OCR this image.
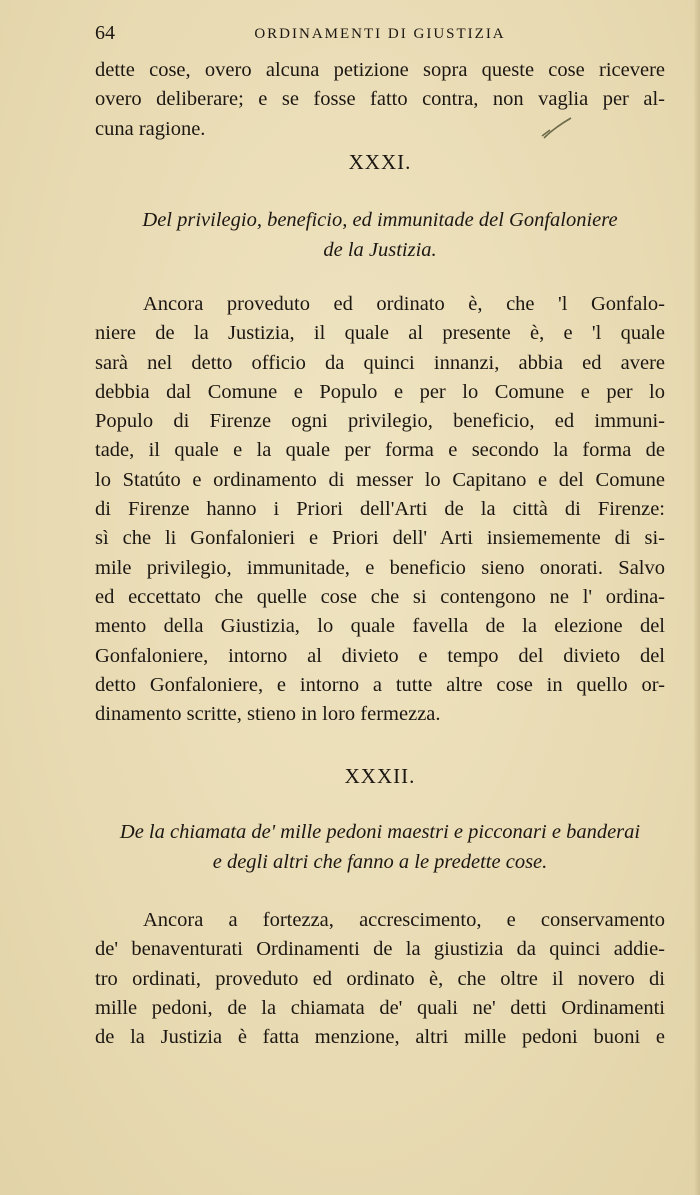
64	ORDINAMENTI DI GIUSTIZIA
dette cose, overo alcuna petizione sopra queste cose ricevere
overo deliberare; e se fosse fatto contra, non vaglia per al-
cuna ragione.
XXXI.
Del privilegio, beneficio, ed immunitade del Gonfaloniere
de la Justizia.
Ancora proveduto ed ordinato è, che 'l Gonfalo-
niere de la Justizia, il quale al presente è, e 'l quale
sarà nel detto officio da quinci innanzi, abbia ed avere
debbia dal Comune e Populo e per lo Comune e per lo
Populo di Firenze ogni privilegio, beneficio, ed immuni-
tade, il quale e la quale per forma e secondo la forma de
lo Statúto e ordinamento di messer lo Capitano e del Comune
di Firenze hanno i Priori dell'Arti de la città di Firenze:
sì che li Gonfalonieri e Priori dell' Arti insiememente di si-
mile privilegio, immunitade, e beneficio sieno onorati. Salvo
ed eccettato che quelle cose che si contengono ne l' ordina-
mento della Giustizia, lo quale favella de la elezione del
Gonfaloniere, intorno al divieto e tempo del divieto del
detto Gonfaloniere, e intorno a tutte altre cose in quello or-
dinamento scritte, stieno in loro fermezza.
XXXII.
De la chiamata de' mille pedoni maestri e picconari e banderai
e degli altri che fanno a le predette cose.
Ancora a fortezza, accrescimento, e conservamento
de' benaventurati Ordinamenti de la giustizia da quinci addie-
tro ordinati, proveduto ed ordinato è, che oltre il novero di
mille pedoni, de la chiamata de' quali ne' detti Ordinamenti
de la Justizia è fatta menzione, altri mille pedoni buoni e
